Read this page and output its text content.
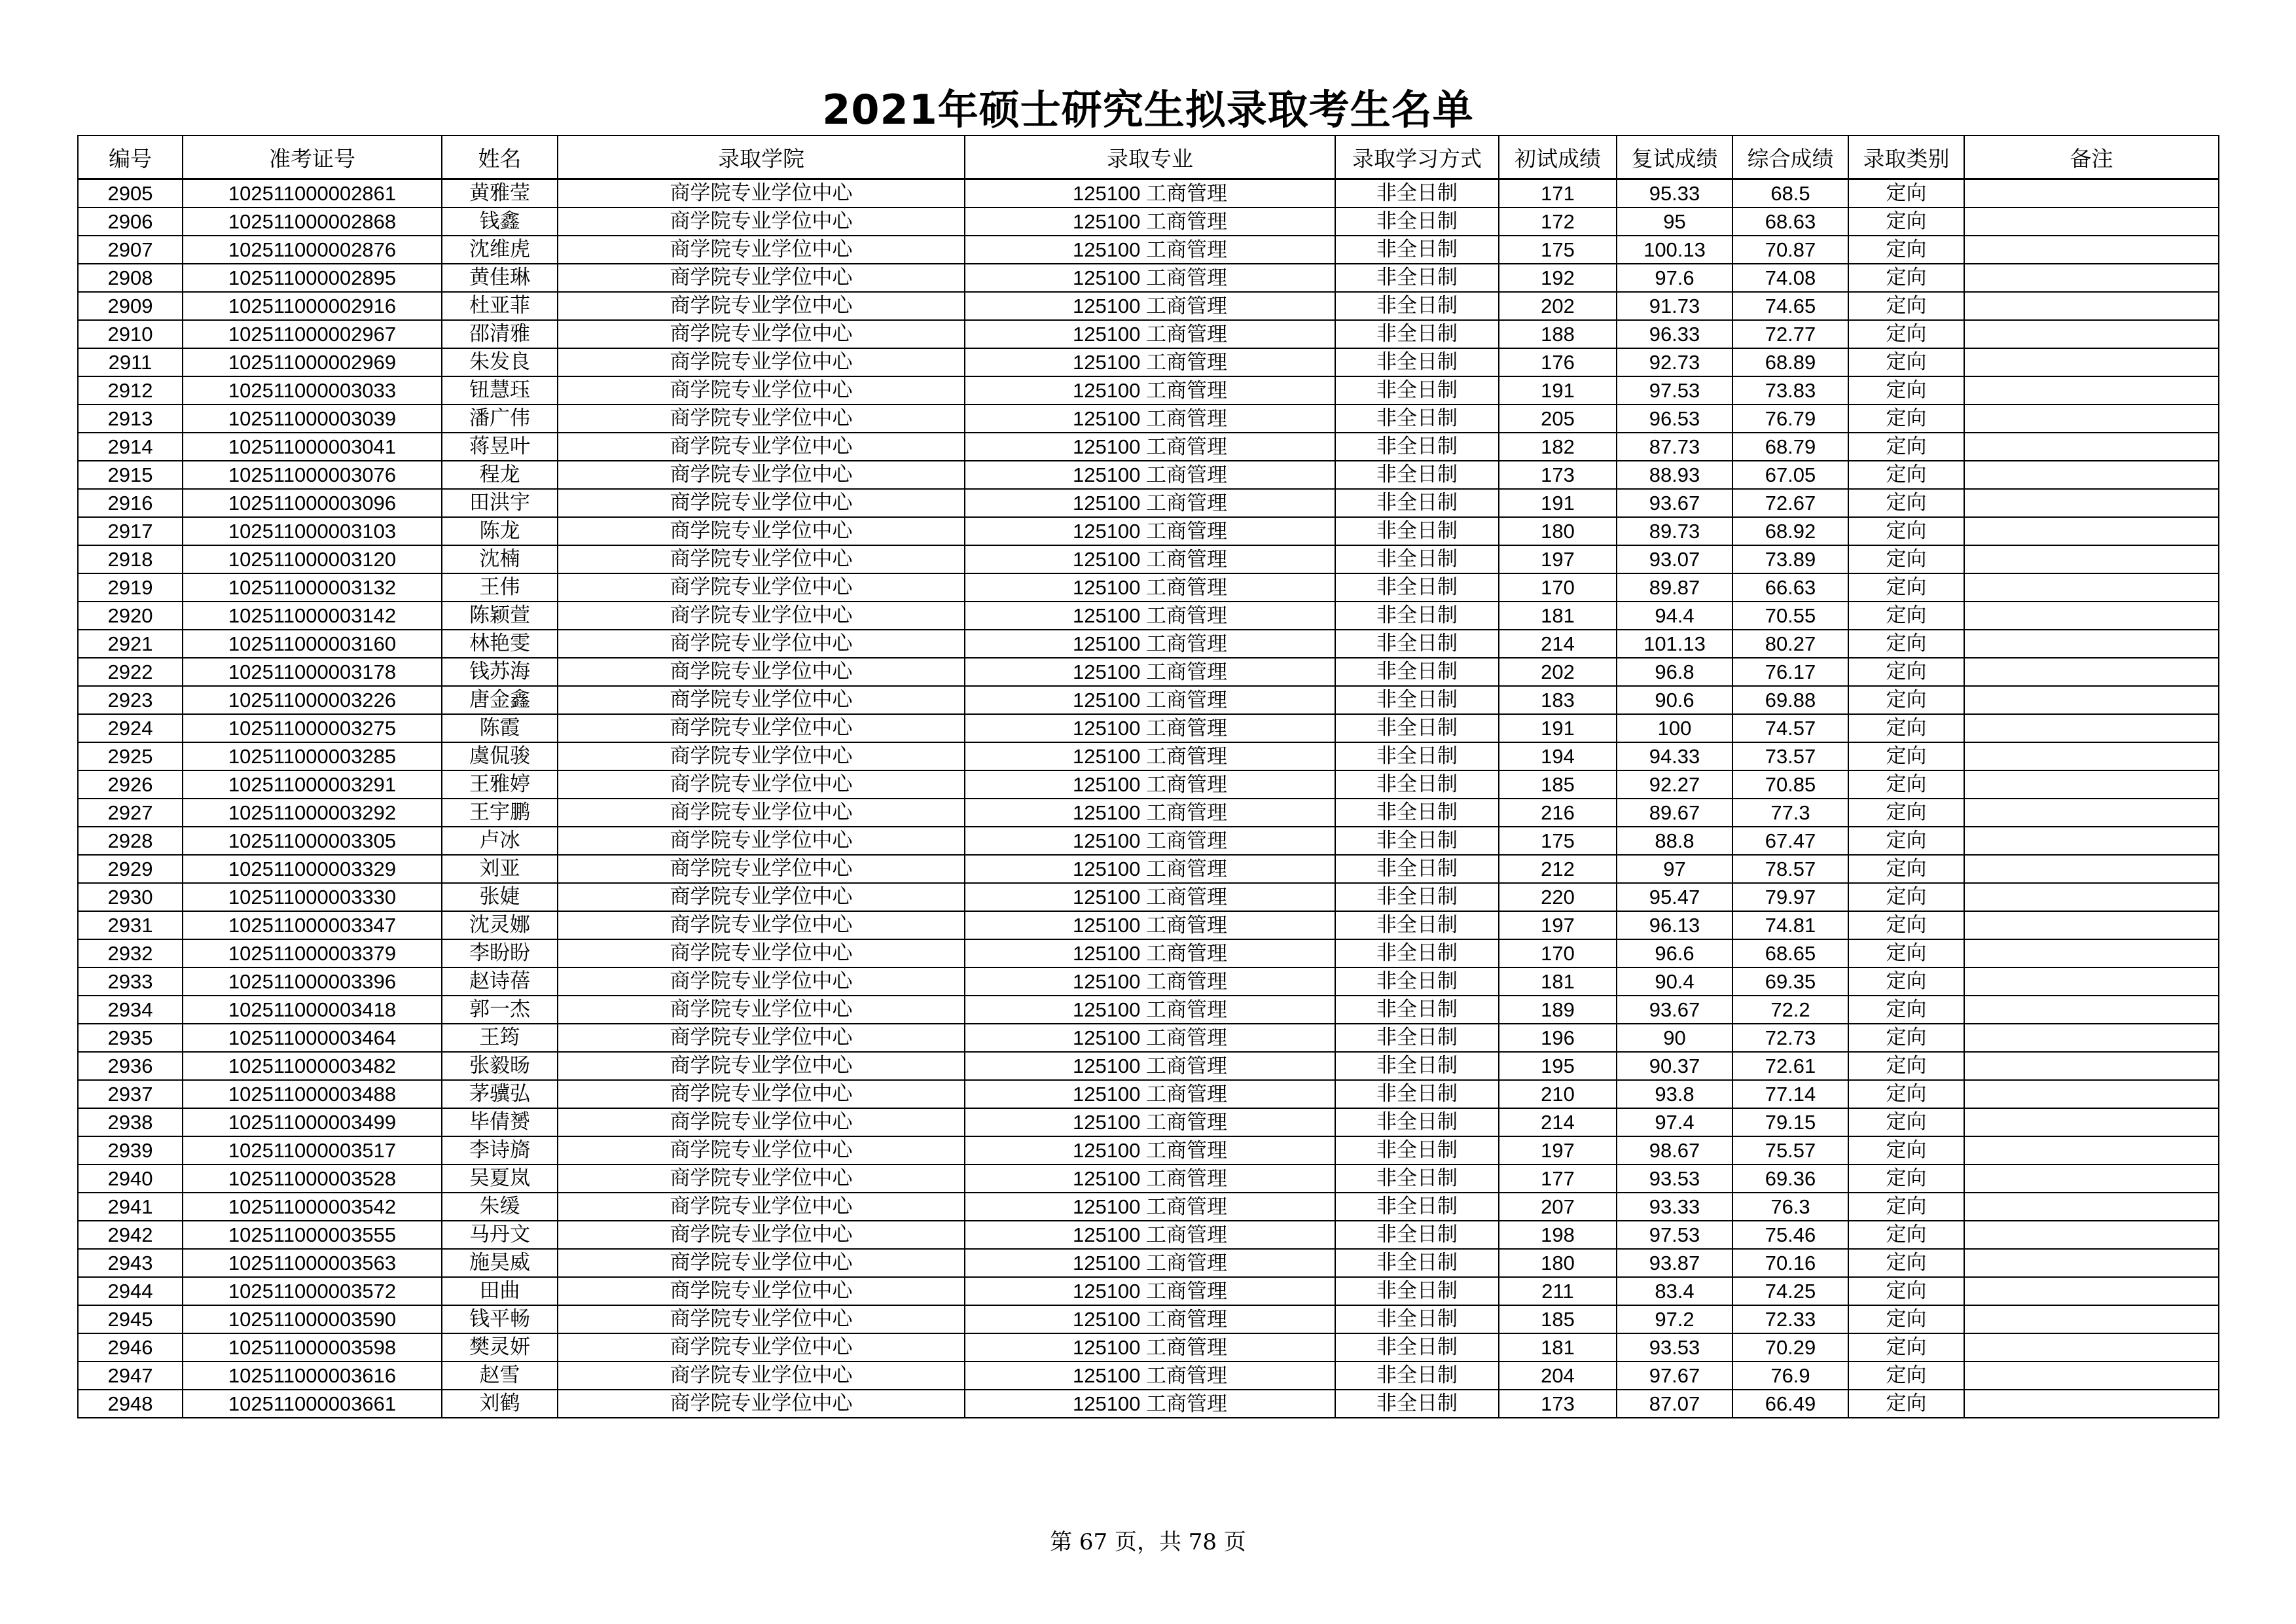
2021年硕士研究生拟录取考生名单
编号	准考证号	姓名	录取学院	录取专业	录取学习方式	初试成绩	复试成绩	综合成绩	录取类别	备注
2905	102511000002861	黄雅莹	商学院专业学位中心	125100 工商管理	非全日制	171	95.33	68.5	定向	
2906	102511000002868	钱鑫	商学院专业学位中心	125100 工商管理	非全日制	172	95	68.63	定向	
2907	102511000002876	沈维虎	商学院专业学位中心	125100 工商管理	非全日制	175	100.13	70.87	定向	
2908	102511000002895	黄佳琳	商学院专业学位中心	125100 工商管理	非全日制	192	97.6	74.08	定向	
2909	102511000002916	杜亚菲	商学院专业学位中心	125100 工商管理	非全日制	202	91.73	74.65	定向	
2910	102511000002967	邵清雅	商学院专业学位中心	125100 工商管理	非全日制	188	96.33	72.77	定向	
2911	102511000002969	朱发良	商学院专业学位中心	125100 工商管理	非全日制	176	92.73	68.89	定向	
2912	102511000003033	钮慧珏	商学院专业学位中心	125100 工商管理	非全日制	191	97.53	73.83	定向	
2913	102511000003039	潘广伟	商学院专业学位中心	125100 工商管理	非全日制	205	96.53	76.79	定向	
2914	102511000003041	蒋昱叶	商学院专业学位中心	125100 工商管理	非全日制	182	87.73	68.79	定向	
2915	102511000003076	程龙	商学院专业学位中心	125100 工商管理	非全日制	173	88.93	67.05	定向	
2916	102511000003096	田洪宇	商学院专业学位中心	125100 工商管理	非全日制	191	93.67	72.67	定向	
2917	102511000003103	陈龙	商学院专业学位中心	125100 工商管理	非全日制	180	89.73	68.92	定向	
2918	102511000003120	沈楠	商学院专业学位中心	125100 工商管理	非全日制	197	93.07	73.89	定向	
2919	102511000003132	王伟	商学院专业学位中心	125100 工商管理	非全日制	170	89.87	66.63	定向	
2920	102511000003142	陈颖萱	商学院专业学位中心	125100 工商管理	非全日制	181	94.4	70.55	定向	
2921	102511000003160	林艳雯	商学院专业学位中心	125100 工商管理	非全日制	214	101.13	80.27	定向	
2922	102511000003178	钱苏海	商学院专业学位中心	125100 工商管理	非全日制	202	96.8	76.17	定向	
2923	102511000003226	唐金鑫	商学院专业学位中心	125100 工商管理	非全日制	183	90.6	69.88	定向	
2924	102511000003275	陈霞	商学院专业学位中心	125100 工商管理	非全日制	191	100	74.57	定向	
2925	102511000003285	虞侃骏	商学院专业学位中心	125100 工商管理	非全日制	194	94.33	73.57	定向	
2926	102511000003291	王雅婷	商学院专业学位中心	125100 工商管理	非全日制	185	92.27	70.85	定向	
2927	102511000003292	王宇鹏	商学院专业学位中心	125100 工商管理	非全日制	216	89.67	77.3	定向	
2928	102511000003305	卢冰	商学院专业学位中心	125100 工商管理	非全日制	175	88.8	67.47	定向	
2929	102511000003329	刘亚	商学院专业学位中心	125100 工商管理	非全日制	212	97	78.57	定向	
2930	102511000003330	张婕	商学院专业学位中心	125100 工商管理	非全日制	220	95.47	79.97	定向	
2931	102511000003347	沈灵娜	商学院专业学位中心	125100 工商管理	非全日制	197	96.13	74.81	定向	
2932	102511000003379	李盼盼	商学院专业学位中心	125100 工商管理	非全日制	170	96.6	68.65	定向	
2933	102511000003396	赵诗蓓	商学院专业学位中心	125100 工商管理	非全日制	181	90.4	69.35	定向	
2934	102511000003418	郭一杰	商学院专业学位中心	125100 工商管理	非全日制	189	93.67	72.2	定向	
2935	102511000003464	王筠	商学院专业学位中心	125100 工商管理	非全日制	196	90	72.73	定向	
2936	102511000003482	张毅旸	商学院专业学位中心	125100 工商管理	非全日制	195	90.37	72.61	定向	
2937	102511000003488	茅骥弘	商学院专业学位中心	125100 工商管理	非全日制	210	93.8	77.14	定向	
2938	102511000003499	毕倩赟	商学院专业学位中心	125100 工商管理	非全日制	214	97.4	79.15	定向	
2939	102511000003517	李诗旖	商学院专业学位中心	125100 工商管理	非全日制	197	98.67	75.57	定向	
2940	102511000003528	吴夏岚	商学院专业学位中心	125100 工商管理	非全日制	177	93.53	69.36	定向	
2941	102511000003542	朱缓	商学院专业学位中心	125100 工商管理	非全日制	207	93.33	76.3	定向	
2942	102511000003555	马丹文	商学院专业学位中心	125100 工商管理	非全日制	198	97.53	75.46	定向	
2943	102511000003563	施昊威	商学院专业学位中心	125100 工商管理	非全日制	180	93.87	70.16	定向	
2944	102511000003572	田曲	商学院专业学位中心	125100 工商管理	非全日制	211	83.4	74.25	定向	
2945	102511000003590	钱平畅	商学院专业学位中心	125100 工商管理	非全日制	185	97.2	72.33	定向	
2946	102511000003598	樊灵妍	商学院专业学位中心	125100 工商管理	非全日制	181	93.53	70.29	定向	
2947	102511000003616	赵雪	商学院专业学位中心	125100 工商管理	非全日制	204	97.67	76.9	定向	
2948	102511000003661	刘鹤	商学院专业学位中心	125100 工商管理	非全日制	173	87.07	66.49	定向	
第 67 页，共 78 页
